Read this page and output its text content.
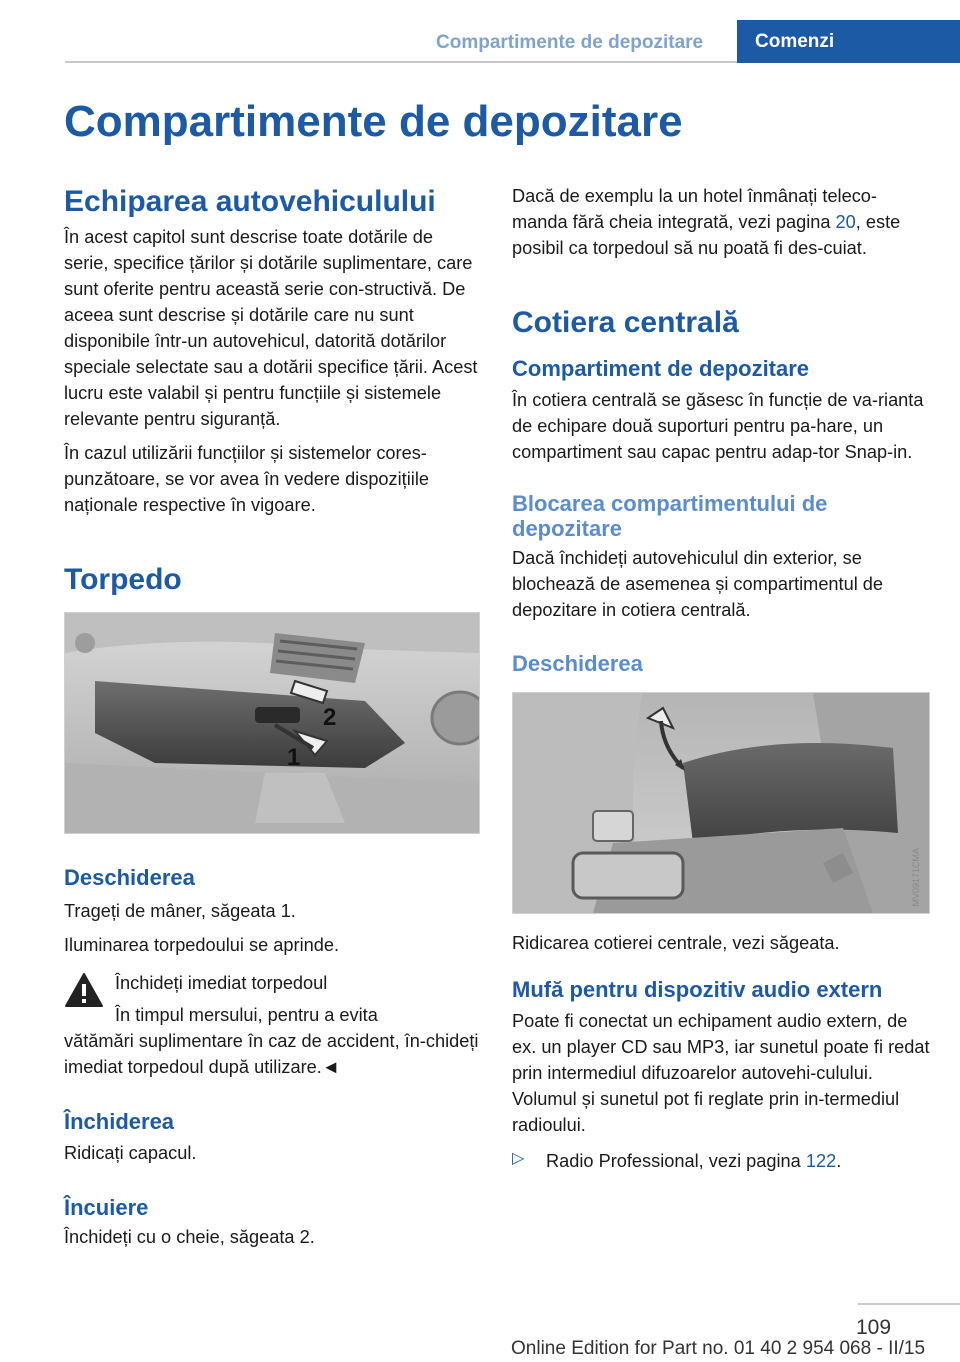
Compartimente de depozitare	Comenzi
Compartimente de depozitare
Echiparea autovehiculului

În acest capitol sunt descrise toate dotările de serie, specifice țărilor și dotările suplimentare, care sunt oferite pentru această serie con-structivă. De aceea sunt descrise și dotările care nu sunt disponibile într-un autovehicul, datorită dotărilor speciale selectate sau a dotării specifice țării. Acest lucru este valabil și pentru funcțiile și sistemele relevante pentru siguranță.

În cazul utilizării funcțiilor și sistemelor cores-punzătoare, se vor avea în vedere dispozițiile naționale respective în vigoare.

Torpedo
2
1
Deschiderea

Trageți de mâner, săgeata 1.

Iluminarea torpedoului se aprinde.

Închideți imediat torpedoul

În timpul mersului, pentru a evita

vătămări suplimentare în caz de accident, în-chideți imediat torpedoul după utilizare.◄

Închiderea

Ridicați capacul.

Încuiere

Închideți cu o cheie, săgeata 2.

Dacă de exemplu la un hotel înmânați teleco-manda fără cheia integrată, vezi pagina 20, este posibil ca torpedoul să nu poată fi des-cuiat.

Cotiera centrală
Compartiment de depozitare

În cotiera centrală se găsesc în funcție de va-rianta de echipare două suporturi pentru pa-hare, un compartiment sau capac pentru adap-tor Snap-in.

Blocarea compartimentului de depozitare

Dacă închideți autovehiculul din exterior, se blochează de asemenea și compartimentul de depozitare in cotiera centrală.

Deschiderea
MV09171CMA

Ridicarea cotierei centrale, vezi săgeata.

Mufă pentru dispozitiv audio extern

Poate fi conectat un echipament audio extern, de ex. un player CD sau MP3, iar sunetul poate fi redat prin intermediul difuzoarelor autovehi-culului. Volumul și sunetul pot fi reglate prin in-termediul radioului.

▷	Radio Professional, vezi pagina 122.

109
Online Edition for Part no. 01 40 2 954 068 - II/15
